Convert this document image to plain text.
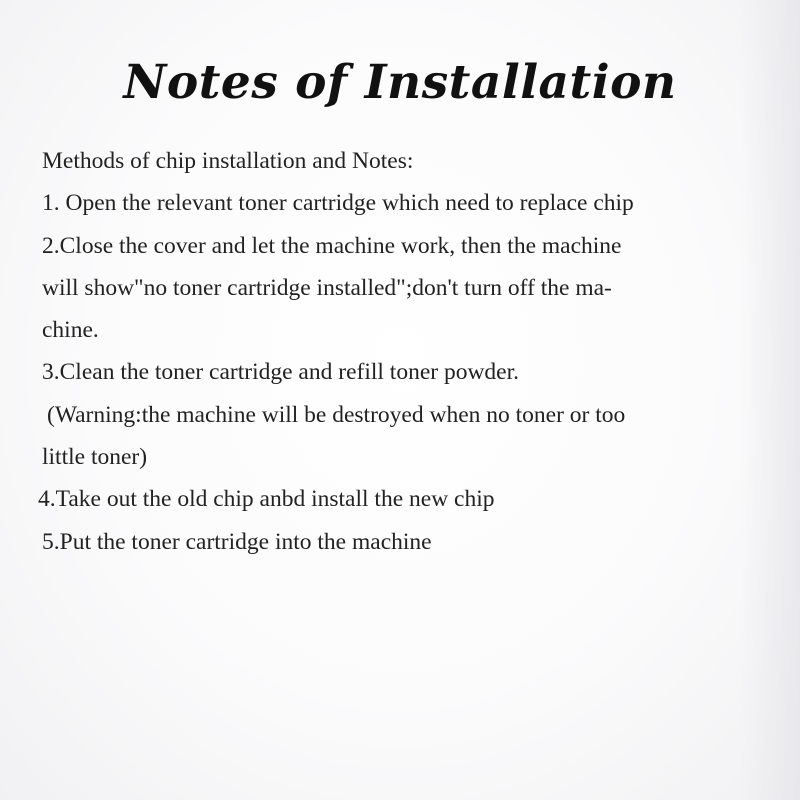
Notes of Installation
Methods of chip installation and Notes:
1. Open the relevant toner cartridge which need to replace chip
2.Close the cover and let the machine work, then the machine
will show"no toner cartridge installed";don't turn off the ma-
chine.
3.Clean the toner cartridge and refill toner powder.
(Warning:the machine will be destroyed when no toner or too
little toner)
4.Take out the old chip anbd install the new chip
5.Put the toner cartridge into the machine
